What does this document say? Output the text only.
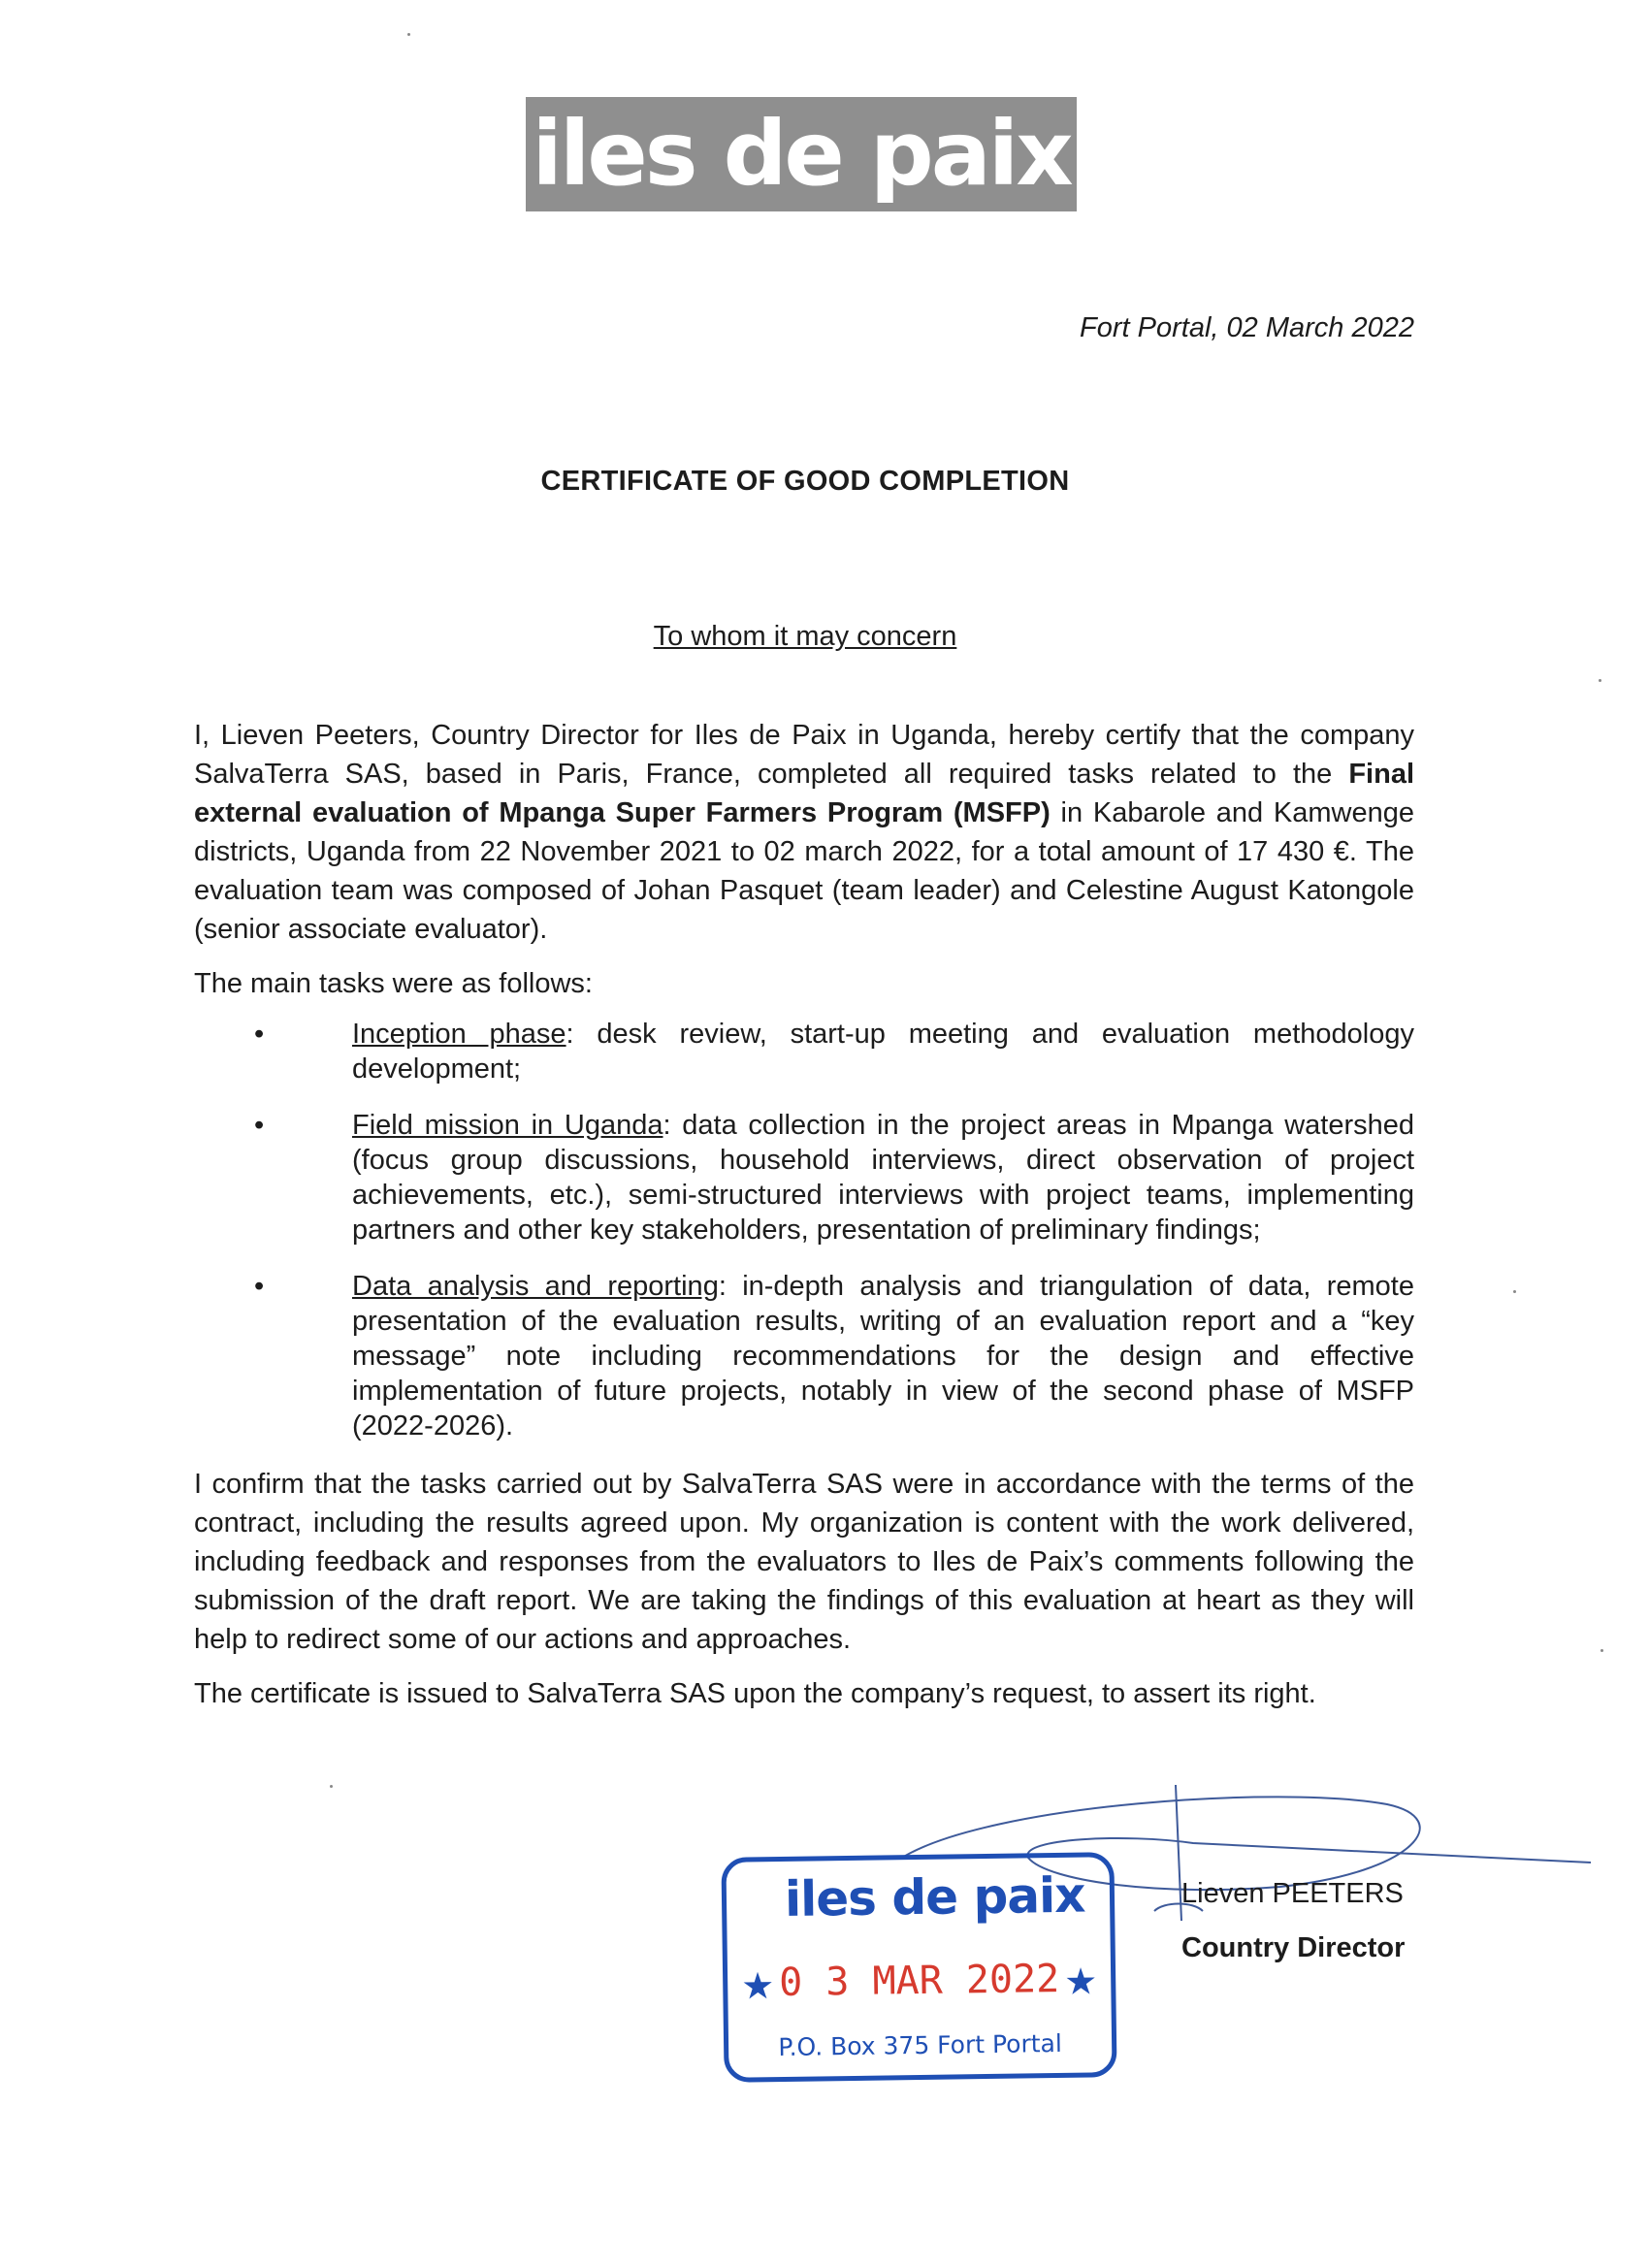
iles de paix
Fort Portal, 02 March 2022
CERTIFICATE OF GOOD COMPLETION
To whom it may concern

I, Lieven Peeters, Country Director for Iles de Paix in Uganda, hereby certify that the company SalvaTerra SAS, based in Paris, France, completed all required tasks related to the Final external evaluation of Mpanga Super Farmers Program (MSFP) in Kabarole and Kamwenge districts, Uganda from 22 November 2021 to 02 march 2022, for a total amount of 17 430 €. The evaluation team was composed of Johan Pasquet (team leader) and Celestine August Katongole (senior associate evaluator).

The main tasks were as follows:

•	Inception phase: desk review, start-up meeting and evaluation methodology development;
•	Field mission in Uganda: data collection in the project areas in Mpanga watershed (focus group discussions, household interviews, direct observation of project achievements, etc.), semi-structured interviews with project teams, implementing partners and other key stakeholders, presentation of preliminary findings;
•	Data analysis and reporting: in-depth analysis and triangulation of data, remote presentation of the evaluation results, writing of an evaluation report and a “key message” note including recommendations for the design and effective implementation of future projects, notably in view of the second phase of MSFP (2022-2026).

I confirm that the tasks carried out by SalvaTerra SAS were in accordance with the terms of the contract, including the results agreed upon. My organization is content with the work delivered, including feedback and responses from the evaluators to Iles de Paix’s comments following the submission of the draft report. We are taking the findings of this evaluation at heart as they will help to redirect some of our actions and approaches.

The certificate is issued to SalvaTerra SAS upon the company’s request, to assert its right.

iles de paix
★ 0 3 MAR 2022 ★
P.O. Box 375 Fort Portal
Lieven PEETERS
Country Director
